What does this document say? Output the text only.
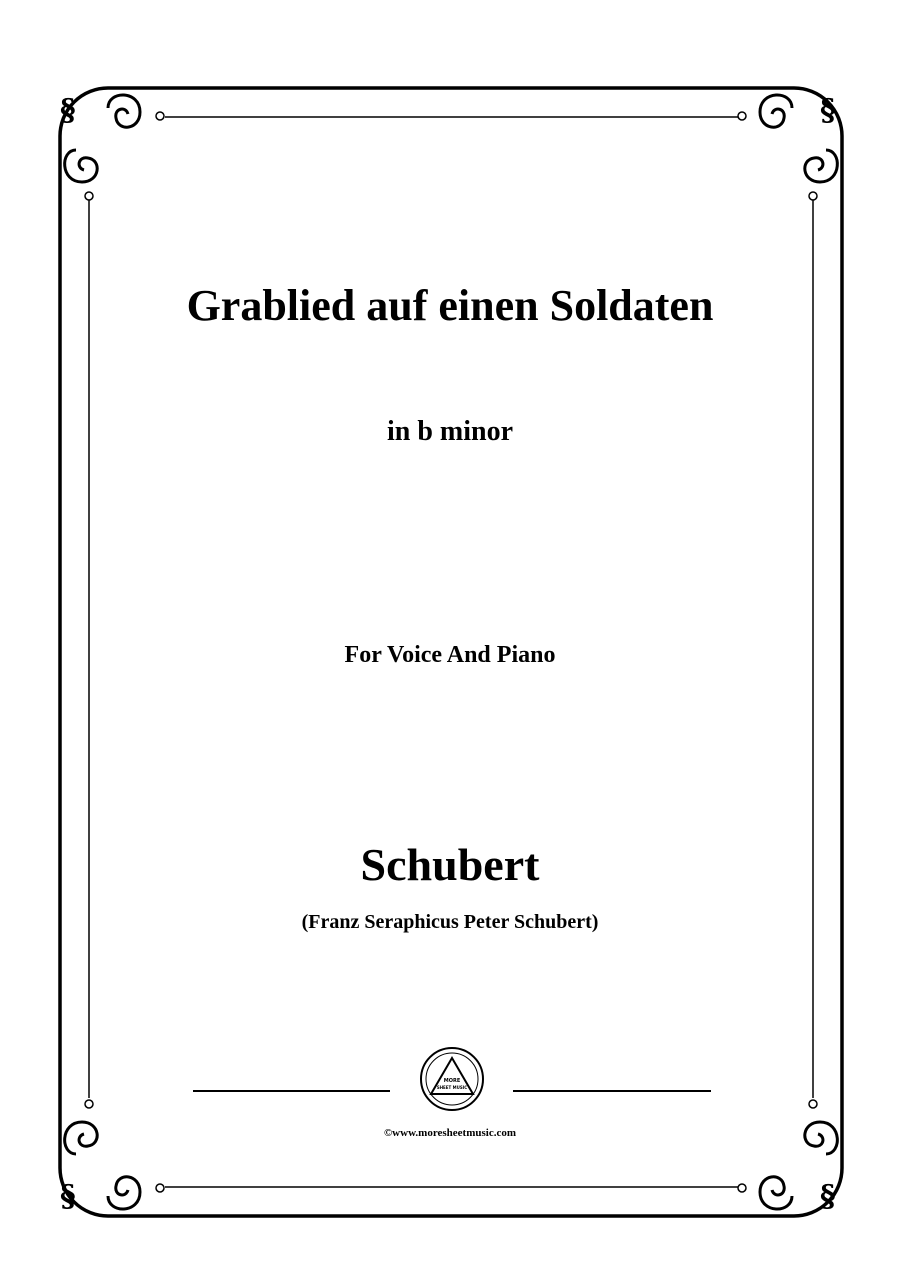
§	§
§	§
Grablied auf einen Soldaten
in b minor
For Voice And Piano
Schubert
(Franz Seraphicus Peter Schubert)
MORE
SHEET MUSIC
©www.moresheetmusic.com
